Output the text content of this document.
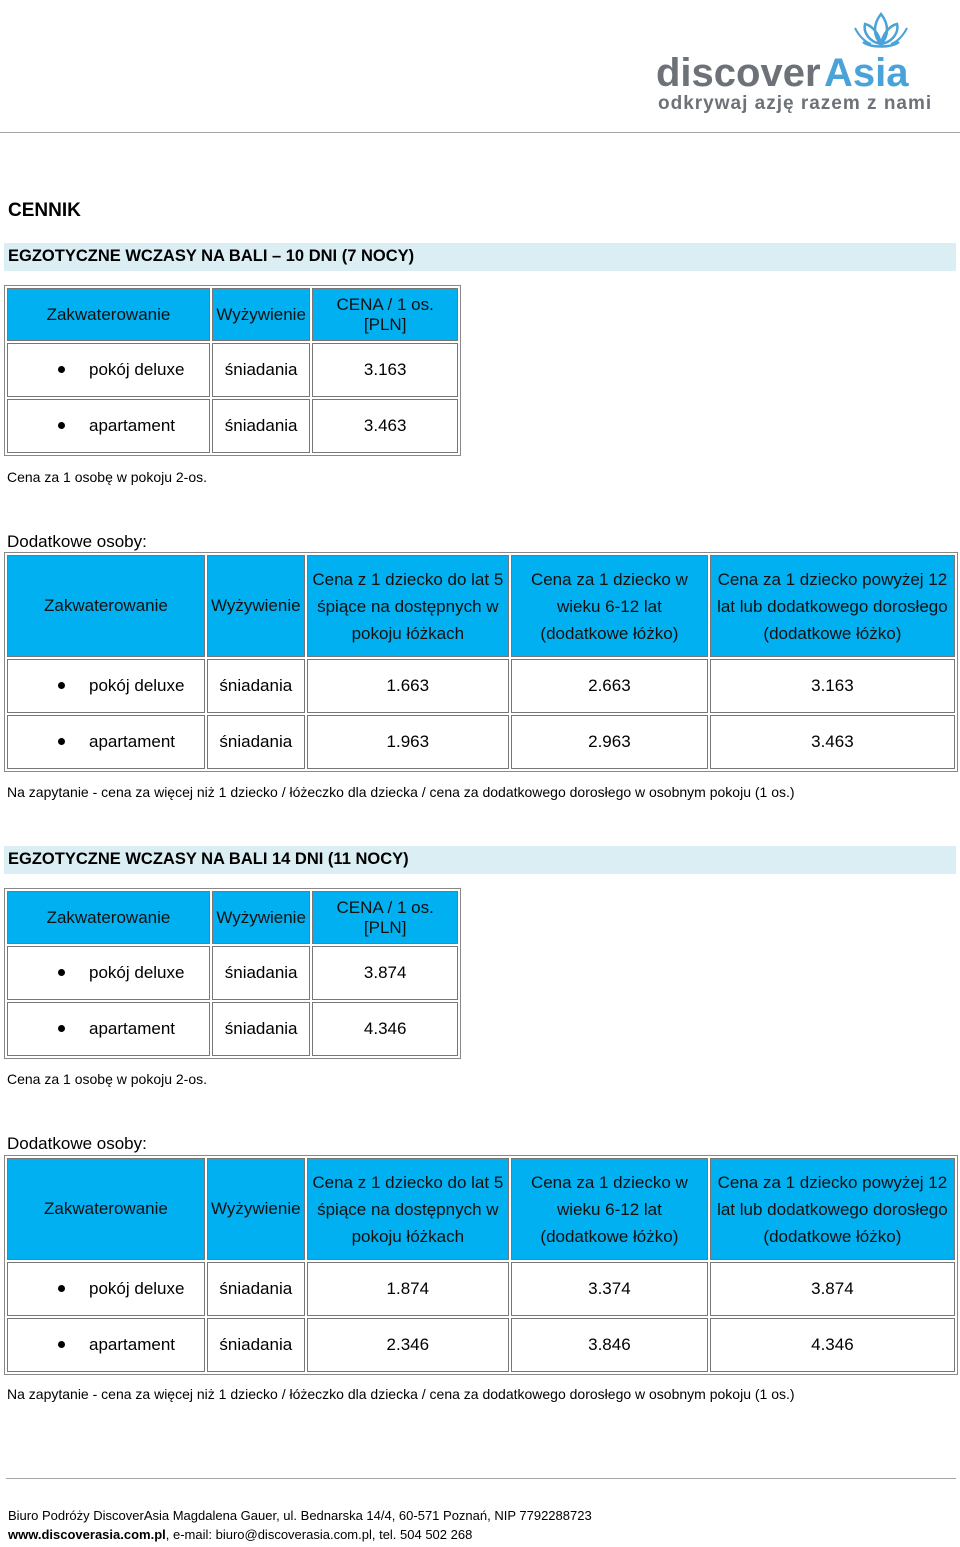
discover Asia
odkrywaj azję razem z nami
CENNIK
EGZOTYCZNE WCZASY NA BALI – 10 DNI (7 NOCY)
Zakwaterowanie	Wyżywienie	CENA / 1 os. [PLN]
pokój deluxe	śniadania	3.163
apartament	śniadania	3.463
Cena za 1 osobę w pokoju 2-os.
Dodatkowe osoby:
Zakwaterowanie	Wyżywienie	Cena z 1 dziecko do lat 5 śpiące na dostępnych w pokoju łóżkach	Cena za 1 dziecko w wieku 6-12 lat (dodatkowe łóżko)	Cena za 1 dziecko powyżej 12 lat lub dodatkowego dorosłego (dodatkowe łóżko)
pokój deluxe	śniadania	1.663	2.663	3.163
apartament	śniadania	1.963	2.963	3.463
Na zapytanie - cena za więcej niż 1 dziecko / łóżeczko dla dziecka / cena za dodatkowego dorosłego w osobnym pokoju (1 os.)
EGZOTYCZNE WCZASY NA BALI 14 DNI (11 NOCY)
Zakwaterowanie	Wyżywienie	CENA / 1 os. [PLN]
pokój deluxe	śniadania	3.874
apartament	śniadania	4.346
Cena za 1 osobę w pokoju 2-os.
Dodatkowe osoby:
Zakwaterowanie	Wyżywienie	Cena z 1 dziecko do lat 5 śpiące na dostępnych w pokoju łóżkach	Cena za 1 dziecko w wieku 6-12 lat (dodatkowe łóżko)	Cena za 1 dziecko powyżej 12 lat lub dodatkowego dorosłego (dodatkowe łóżko)
pokój deluxe	śniadania	1.874	3.374	3.874
apartament	śniadania	2.346	3.846	4.346
Na zapytanie - cena za więcej niż 1 dziecko / łóżeczko dla dziecka / cena za dodatkowego dorosłego w osobnym pokoju (1 os.)
Biuro Podróży DiscoverAsia Magdalena Gauer, ul. Bednarska 14/4, 60-571 Poznań, NIP 7792288723
www.discoverasia.com.pl, e-mail: biuro@discoverasia.com.pl, tel. 504 502 268
